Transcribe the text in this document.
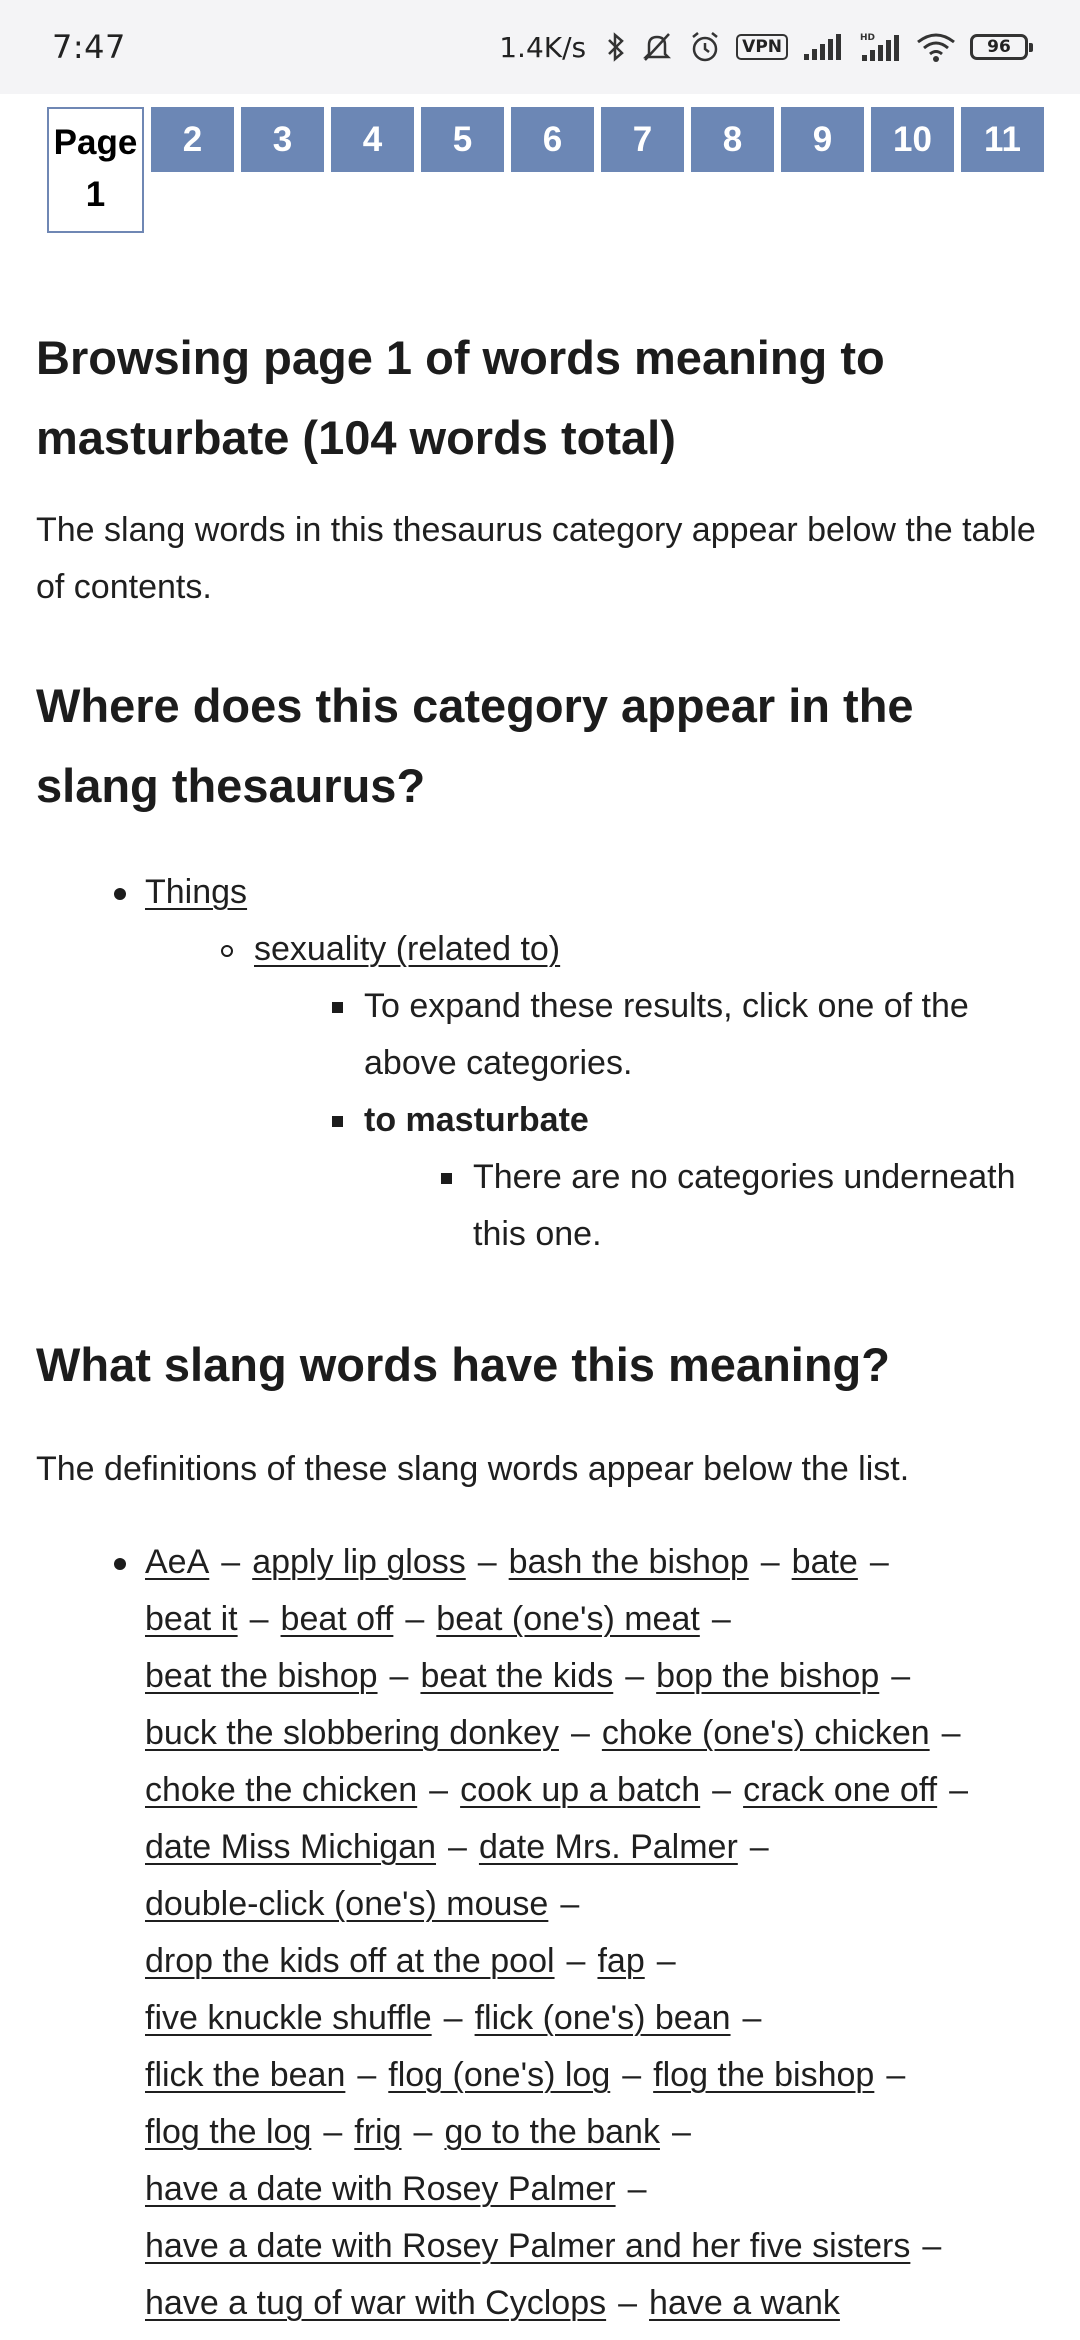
7:47	1.4K/s	VPN	HD	96
Page
1
2	3	4	5	6	7	8	9	10	11
Browsing page 1 of words meaning to masturbate (104 words total)

The slang words in this thesaurus category appear below the table of contents.

Where does this category appear in the slang thesaurus?
Things
sexuality (related to)
To expand these results, click one of the above categories.
to masturbate
There are no categories underneath this one.
What slang words have this meaning?

The definitions of these slang words appear below the list.

AeA – apply lip gloss – bash the bishop – bate –
beat it – beat off – beat (one's) meat –
beat the bishop – beat the kids – bop the bishop –
buck the slobbering donkey – choke (one's) chicken –
choke the chicken – cook up a batch – crack one off –
date Miss Michigan – date Mrs. Palmer –
double-click (one's) mouse –
drop the kids off at the pool – fap –
five knuckle shuffle – flick (one's) bean –
flick the bean – flog (one's) log – flog the bishop –
flog the log – frig – go to the bank –
have a date with Rosey Palmer –
have a date with Rosey Palmer and her five sisters –
have a tug of war with Cyclops – have a wank
